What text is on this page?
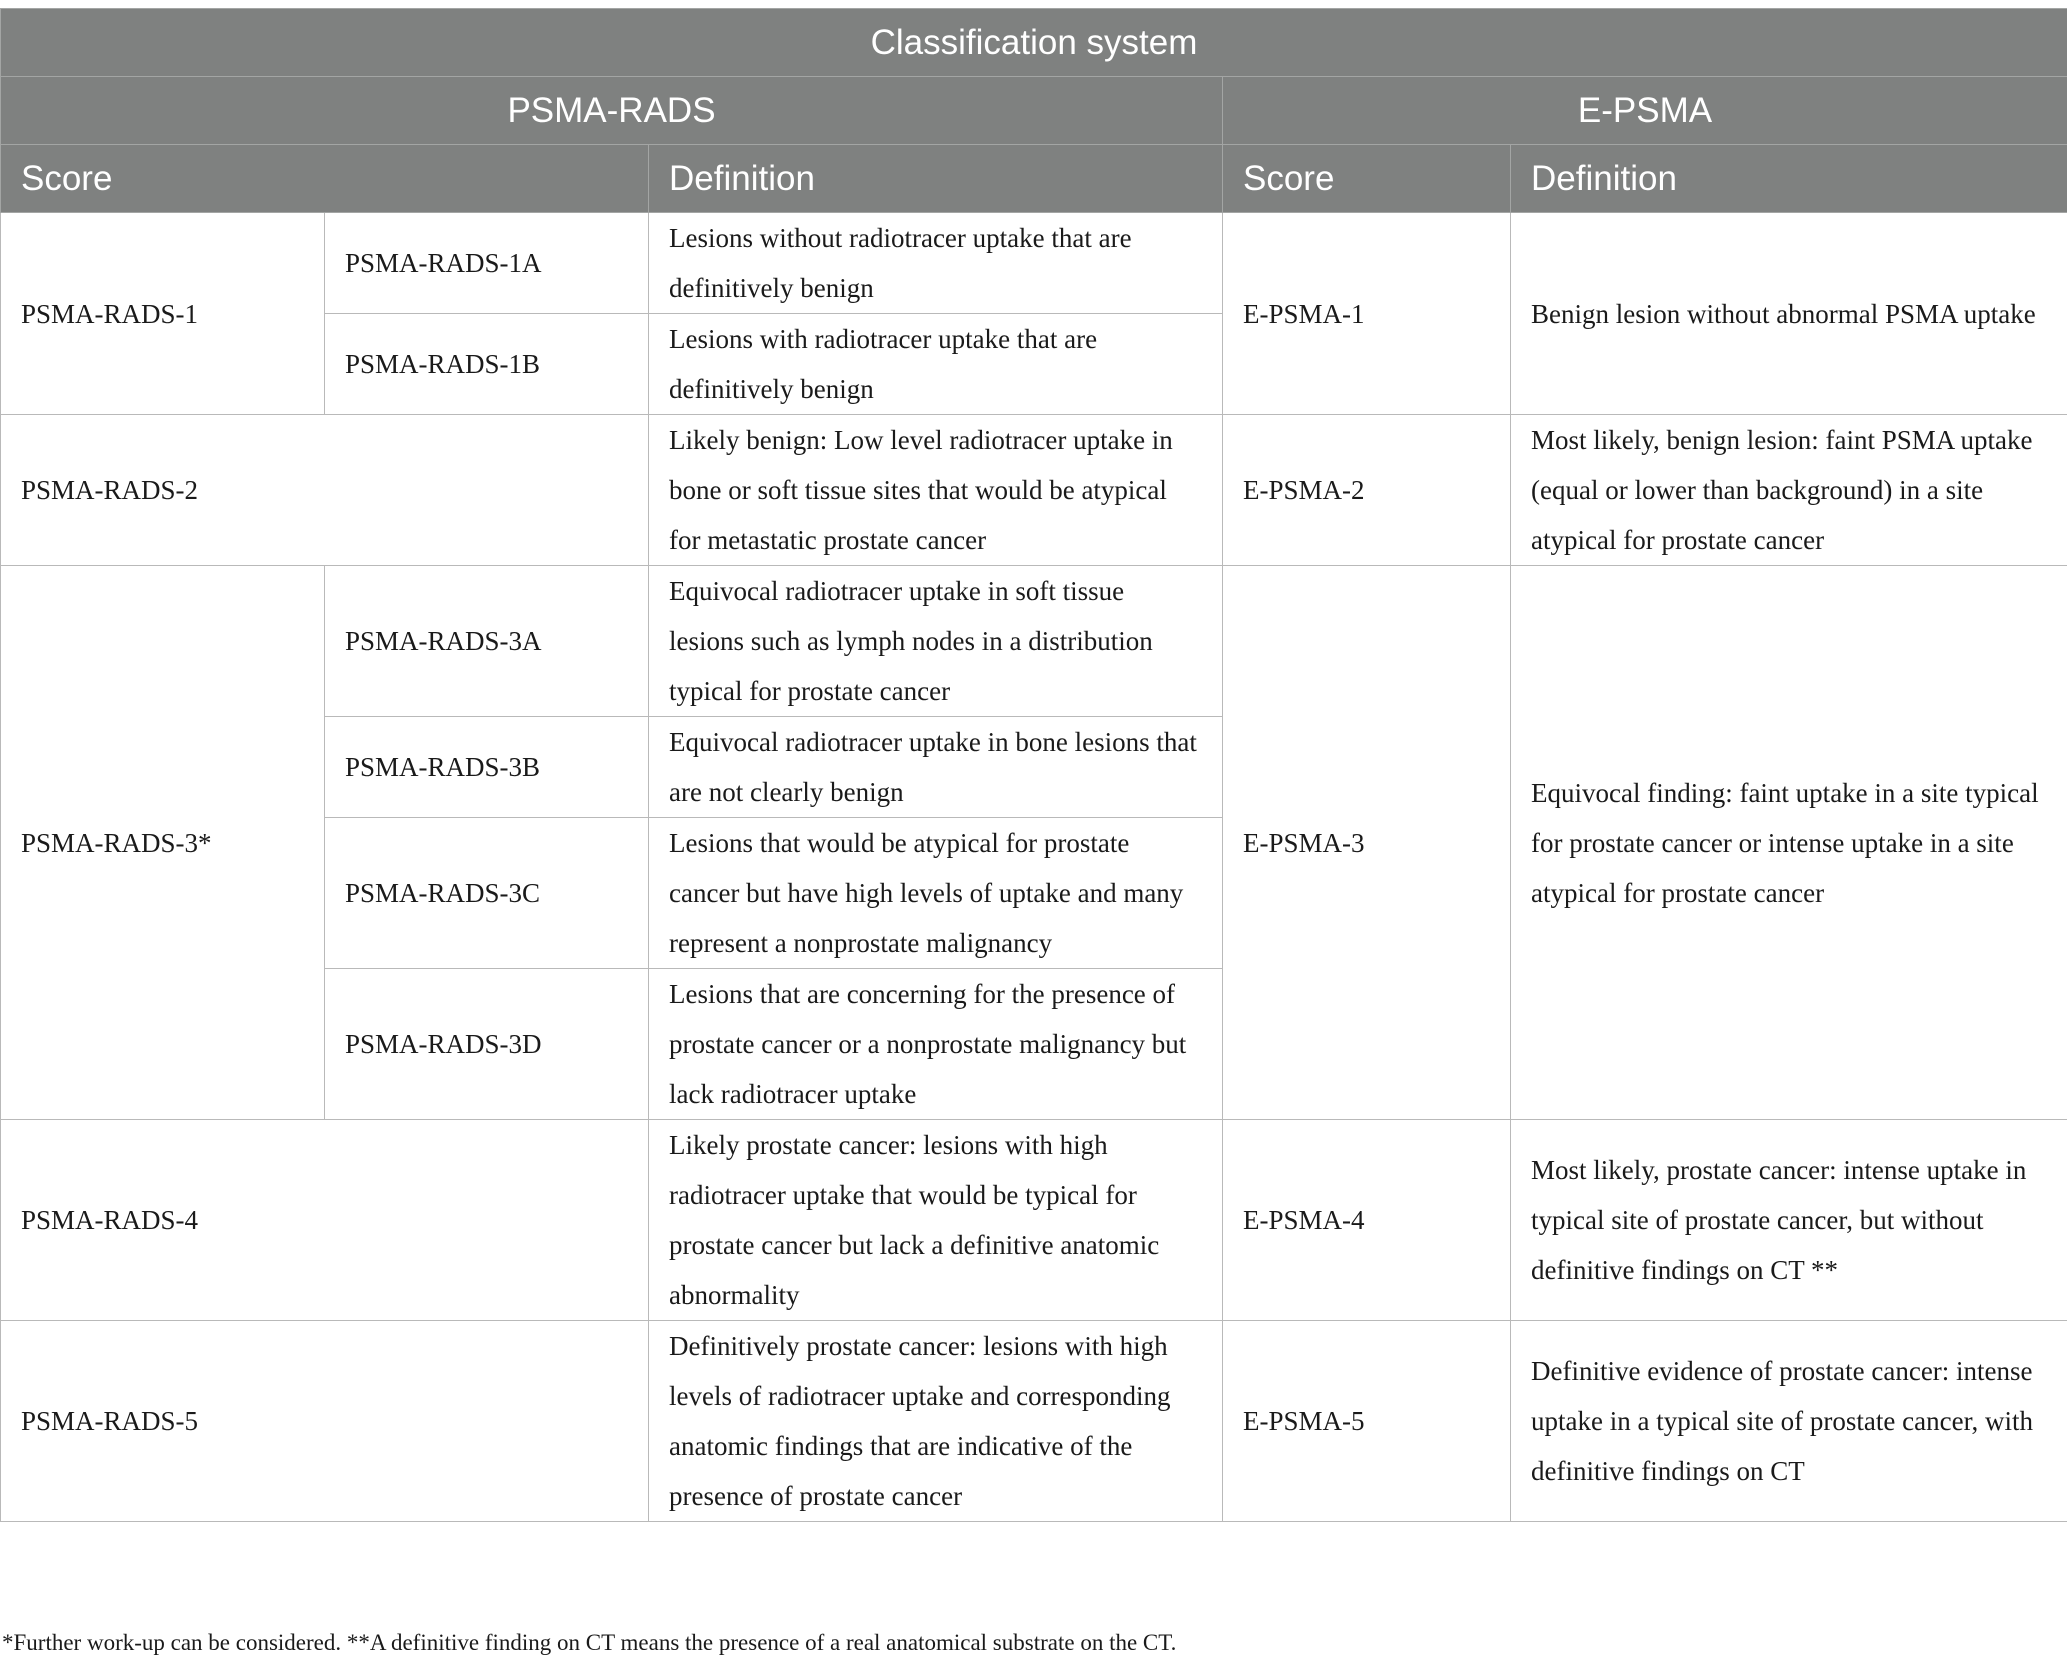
Classification system				
PSMA-RADS			E-PSMA	
Score		Definition	Score	Definition
PSMA-RADS-1	PSMA-RADS-1A	Lesions without radiotracer uptake that are definitively benign	E-PSMA-1	Benign lesion without abnormal PSMA uptake
	PSMA-RADS-1B	Lesions with radiotracer uptake that are definitively benign		
PSMA-RADS-2		Likely benign: Low level radiotracer uptake in bone or soft tissue sites that would be atypical for metastatic prostate cancer	E-PSMA-2	Most likely, benign lesion: faint PSMA uptake (equal or lower than background) in a site atypical for prostate cancer
PSMA-RADS-3*	PSMA-RADS-3A	Equivocal radiotracer uptake in soft tissue lesions such as lymph nodes in a distribution typical for prostate cancer	E-PSMA-3	Equivocal finding: faint uptake in a site typical for prostate cancer or intense uptake in a site atypical for prostate cancer
	PSMA-RADS-3B	Equivocal radiotracer uptake in bone lesions that are not clearly benign		
	PSMA-RADS-3C	Lesions that would be atypical for prostate cancer but have high levels of uptake and many represent a nonprostate malignancy		
	PSMA-RADS-3D	Lesions that are concerning for the presence of prostate cancer or a nonprostate malignancy but lack radiotracer uptake		
PSMA-RADS-4		Likely prostate cancer: lesions with high radiotracer uptake that would be typical for prostate cancer but lack a definitive anatomic abnormality	E-PSMA-4	Most likely, prostate cancer: intense uptake in typical site of prostate cancer, but without definitive findings on CT **
PSMA-RADS-5		Definitively prostate cancer: lesions with high levels of radiotracer uptake and corresponding anatomic findings that are indicative of the presence of prostate cancer	E-PSMA-5	Definitive evidence of prostate cancer: intense uptake in a typical site of prostate cancer, with definitive findings on CT
*Further work-up can be considered. **A definitive finding on CT means the presence of a real anatomical substrate on the CT.
